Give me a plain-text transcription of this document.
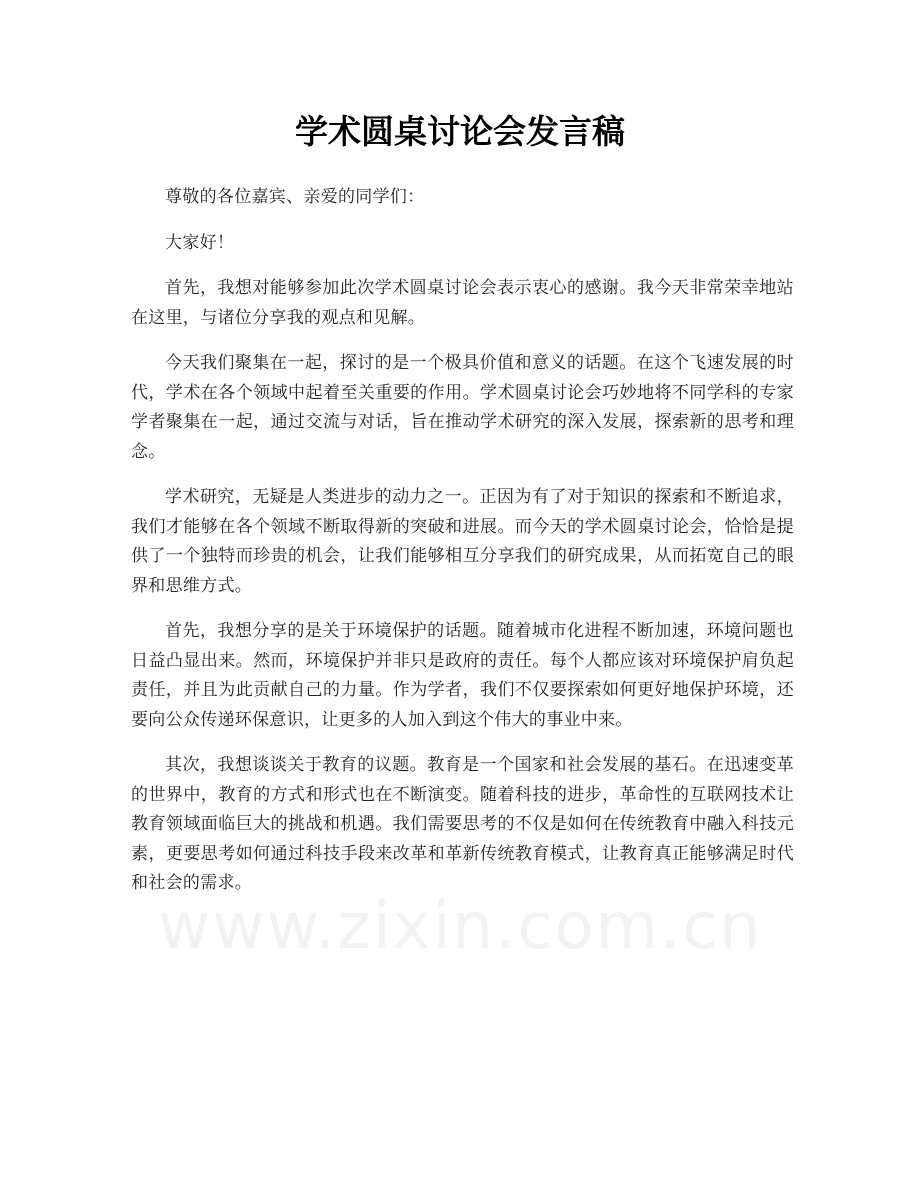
学术圆桌讨论会发言稿

尊敬的各位嘉宾、亲爱的同学们：

大家好！

首先，我想对能够参加此次学术圆桌讨论会表示衷心的感谢。我今天非常荣幸地站在这里，与诸位分享我的观点和见解。

今天我们聚集在一起，探讨的是一个极具价值和意义的话题。在这个飞速发展的时代，学术在各个领域中起着至关重要的作用。学术圆桌讨论会巧妙地将不同学科的专家学者聚集在一起，通过交流与对话，旨在推动学术研究的深入发展，探索新的思考和理念。

学术研究，无疑是人类进步的动力之一。正因为有了对于知识的探索和不断追求，我们才能够在各个领域不断取得新的突破和进展。而今天的学术圆桌讨论会，恰恰是提供了一个独特而珍贵的机会，让我们能够相互分享我们的研究成果，从而拓宽自己的眼界和思维方式。

首先，我想分享的是关于环境保护的话题。随着城市化进程不断加速，环境问题也日益凸显出来。然而，环境保护并非只是政府的责任。每个人都应该对环境保护肩负起责任，并且为此贡献自己的力量。作为学者，我们不仅要探索如何更好地保护环境，还要向公众传递环保意识，让更多的人加入到这个伟大的事业中来。

其次，我想谈谈关于教育的议题。教育是一个国家和社会发展的基石。在迅速变革的世界中，教育的方式和形式也在不断演变。随着科技的进步，革命性的互联网技术让教育领域面临巨大的挑战和机遇。我们需要思考的不仅是如何在传统教育中融入科技元素，更要思考如何通过科技手段来改革和革新传统教育模式，让教育真正能够满足时代和社会的需求。

www.zixin.com.cn
